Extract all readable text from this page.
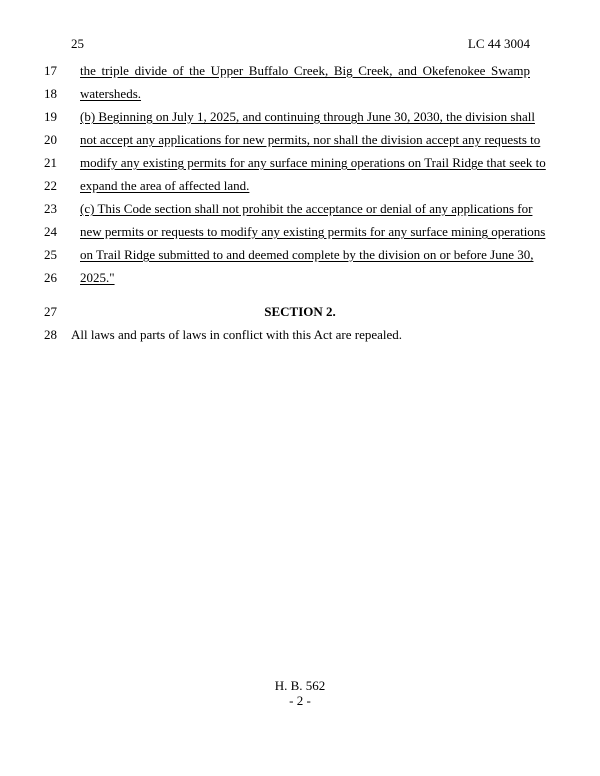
25	LC 44 3004
17	the triple divide of the Upper Buffalo Creek, Big Creek, and Okefenokee Swamp
18	watersheds.
19	(b) Beginning on July 1, 2025, and continuing through June 30, 2030, the division shall
20	not accept any applications for new permits, nor shall the division accept any requests to
21	modify any existing permits for any surface mining operations on Trail Ridge that seek to
22	expand the area of affected land.
23	(c) This Code section shall not prohibit the acceptance or denial of any applications for
24	new permits or requests to modify any existing permits for any surface mining operations
25	on Trail Ridge submitted to and deemed complete by the division on or before June 30,
26	2025."
27	SECTION 2.
28	All laws and parts of laws in conflict with this Act are repealed.
H. B. 562
- 2 -
